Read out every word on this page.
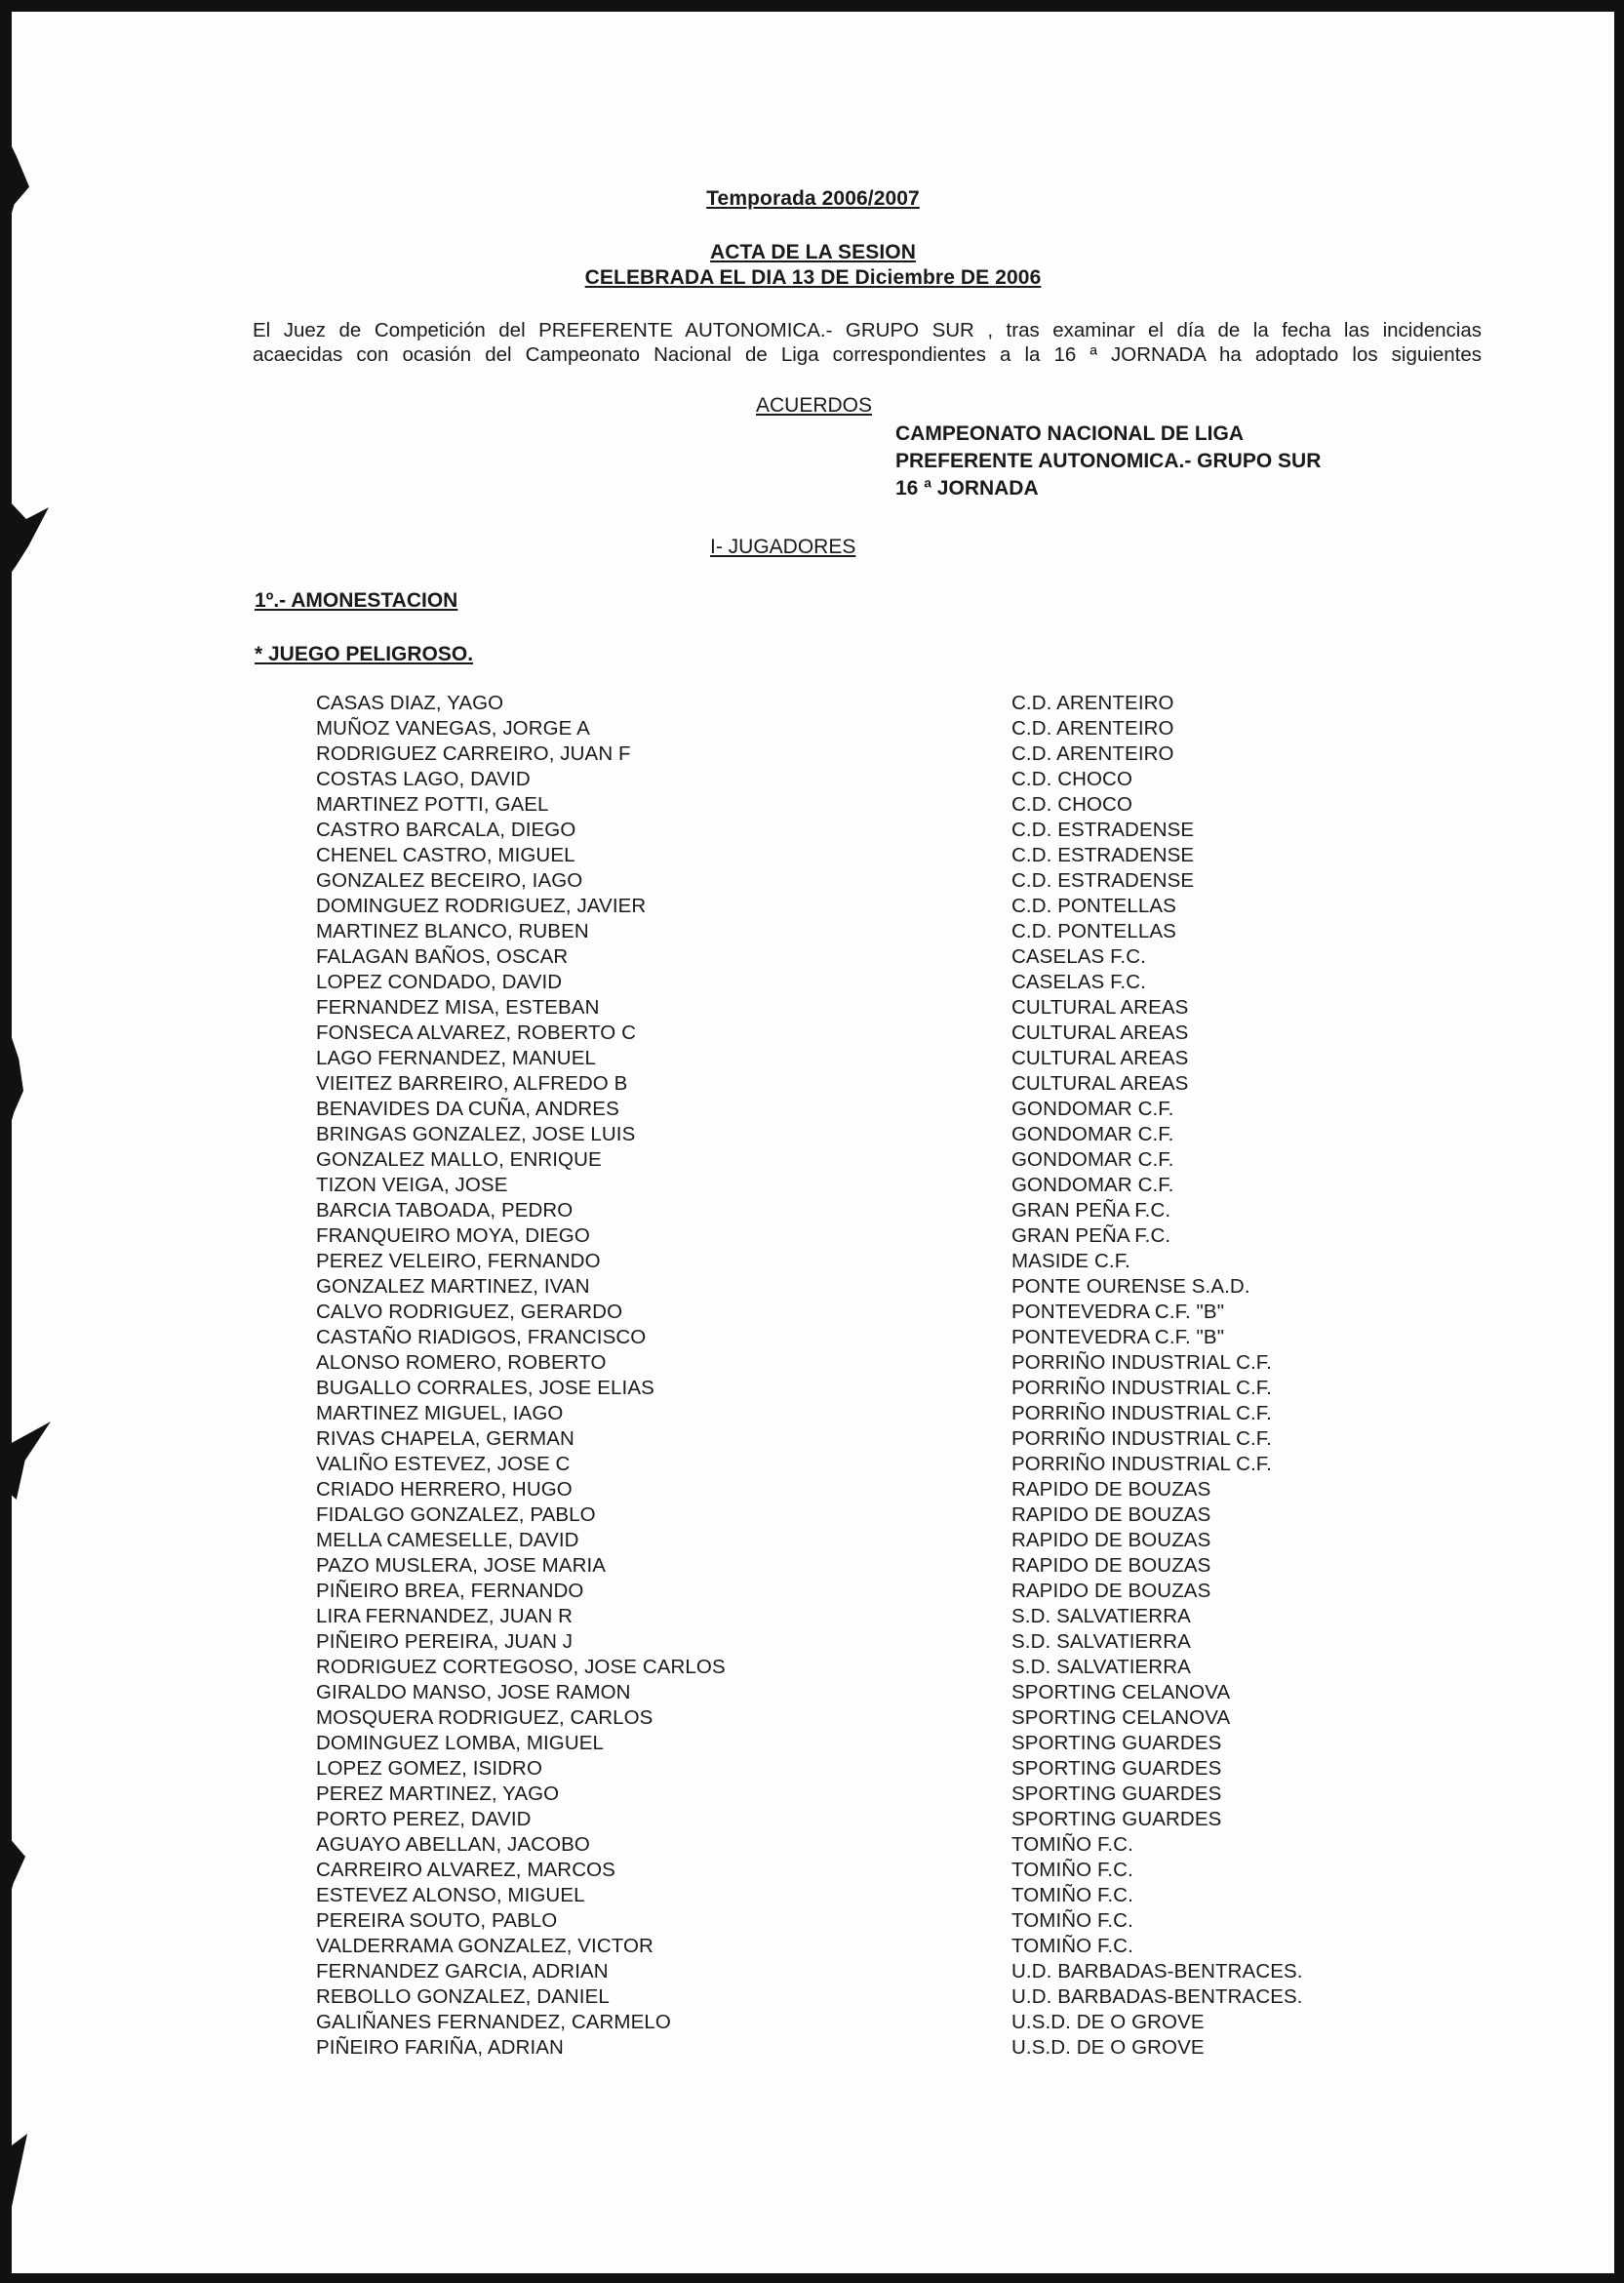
Temporada 2006/2007
ACTA DE LA SESION
CELEBRADA EL DIA 13 DE Diciembre DE 2006
El Juez de Competición del PREFERENTE AUTONOMICA.- GRUPO SUR , tras examinar el día de la fecha las incidencias
acaecidas con ocasión del Campeonato Nacional de Liga correspondientes a la 16 ª JORNADA ha adoptado los siguientes
ACUERDOS
CAMPEONATO NACIONAL DE LIGA
PREFERENTE AUTONOMICA.- GRUPO SUR
16 ª JORNADA
I- JUGADORES
1º.- AMONESTACION
* JUEGO PELIGROSO.
CASAS DIAZ, YAGO	C.D. ARENTEIRO
MUÑOZ VANEGAS, JORGE A	C.D. ARENTEIRO
RODRIGUEZ CARREIRO, JUAN F	C.D. ARENTEIRO
COSTAS LAGO, DAVID	C.D. CHOCO
MARTINEZ POTTI, GAEL	C.D. CHOCO
CASTRO BARCALA, DIEGO	C.D. ESTRADENSE
CHENEL CASTRO, MIGUEL	C.D. ESTRADENSE
GONZALEZ BECEIRO, IAGO	C.D. ESTRADENSE
DOMINGUEZ RODRIGUEZ, JAVIER	C.D. PONTELLAS
MARTINEZ BLANCO, RUBEN	C.D. PONTELLAS
FALAGAN BAÑOS, OSCAR	CASELAS F.C.
LOPEZ CONDADO, DAVID	CASELAS F.C.
FERNANDEZ MISA, ESTEBAN	CULTURAL AREAS
FONSECA ALVAREZ, ROBERTO C	CULTURAL AREAS
LAGO FERNANDEZ, MANUEL	CULTURAL AREAS
VIEITEZ BARREIRO, ALFREDO B	CULTURAL AREAS
BENAVIDES DA CUÑA, ANDRES	GONDOMAR C.F.
BRINGAS GONZALEZ, JOSE LUIS	GONDOMAR C.F.
GONZALEZ MALLO, ENRIQUE	GONDOMAR C.F.
TIZON VEIGA, JOSE	GONDOMAR C.F.
BARCIA TABOADA, PEDRO	GRAN PEÑA F.C.
FRANQUEIRO MOYA, DIEGO	GRAN PEÑA F.C.
PEREZ VELEIRO, FERNANDO	MASIDE C.F.
GONZALEZ MARTINEZ, IVAN	PONTE OURENSE S.A.D.
CALVO RODRIGUEZ, GERARDO	PONTEVEDRA C.F. "B"
CASTAÑO RIADIGOS, FRANCISCO	PONTEVEDRA C.F. "B"
ALONSO ROMERO, ROBERTO	PORRIÑO INDUSTRIAL C.F.
BUGALLO CORRALES, JOSE ELIAS	PORRIÑO INDUSTRIAL C.F.
MARTINEZ MIGUEL, IAGO	PORRIÑO INDUSTRIAL C.F.
RIVAS CHAPELA, GERMAN	PORRIÑO INDUSTRIAL C.F.
VALIÑO ESTEVEZ, JOSE C	PORRIÑO INDUSTRIAL C.F.
CRIADO HERRERO, HUGO	RAPIDO DE BOUZAS
FIDALGO GONZALEZ, PABLO	RAPIDO DE BOUZAS
MELLA CAMESELLE, DAVID	RAPIDO DE BOUZAS
PAZO MUSLERA, JOSE MARIA	RAPIDO DE BOUZAS
PIÑEIRO BREA, FERNANDO	RAPIDO DE BOUZAS
LIRA FERNANDEZ, JUAN R	S.D. SALVATIERRA
PIÑEIRO PEREIRA, JUAN J	S.D. SALVATIERRA
RODRIGUEZ CORTEGOSO, JOSE CARLOS	S.D. SALVATIERRA
GIRALDO MANSO, JOSE RAMON	SPORTING CELANOVA
MOSQUERA RODRIGUEZ, CARLOS	SPORTING CELANOVA
DOMINGUEZ LOMBA, MIGUEL	SPORTING GUARDES
LOPEZ GOMEZ, ISIDRO	SPORTING GUARDES
PEREZ MARTINEZ, YAGO	SPORTING GUARDES
PORTO PEREZ, DAVID	SPORTING GUARDES
AGUAYO ABELLAN, JACOBO	TOMIÑO F.C.
CARREIRO ALVAREZ, MARCOS	TOMIÑO F.C.
ESTEVEZ ALONSO, MIGUEL	TOMIÑO F.C.
PEREIRA SOUTO, PABLO	TOMIÑO F.C.
VALDERRAMA GONZALEZ, VICTOR	TOMIÑO F.C.
FERNANDEZ GARCIA, ADRIAN	U.D. BARBADAS-BENTRACES.
REBOLLO GONZALEZ, DANIEL	U.D. BARBADAS-BENTRACES.
GALIÑANES FERNANDEZ, CARMELO	U.S.D. DE O GROVE
PIÑEIRO FARIÑA, ADRIAN	U.S.D. DE O GROVE
